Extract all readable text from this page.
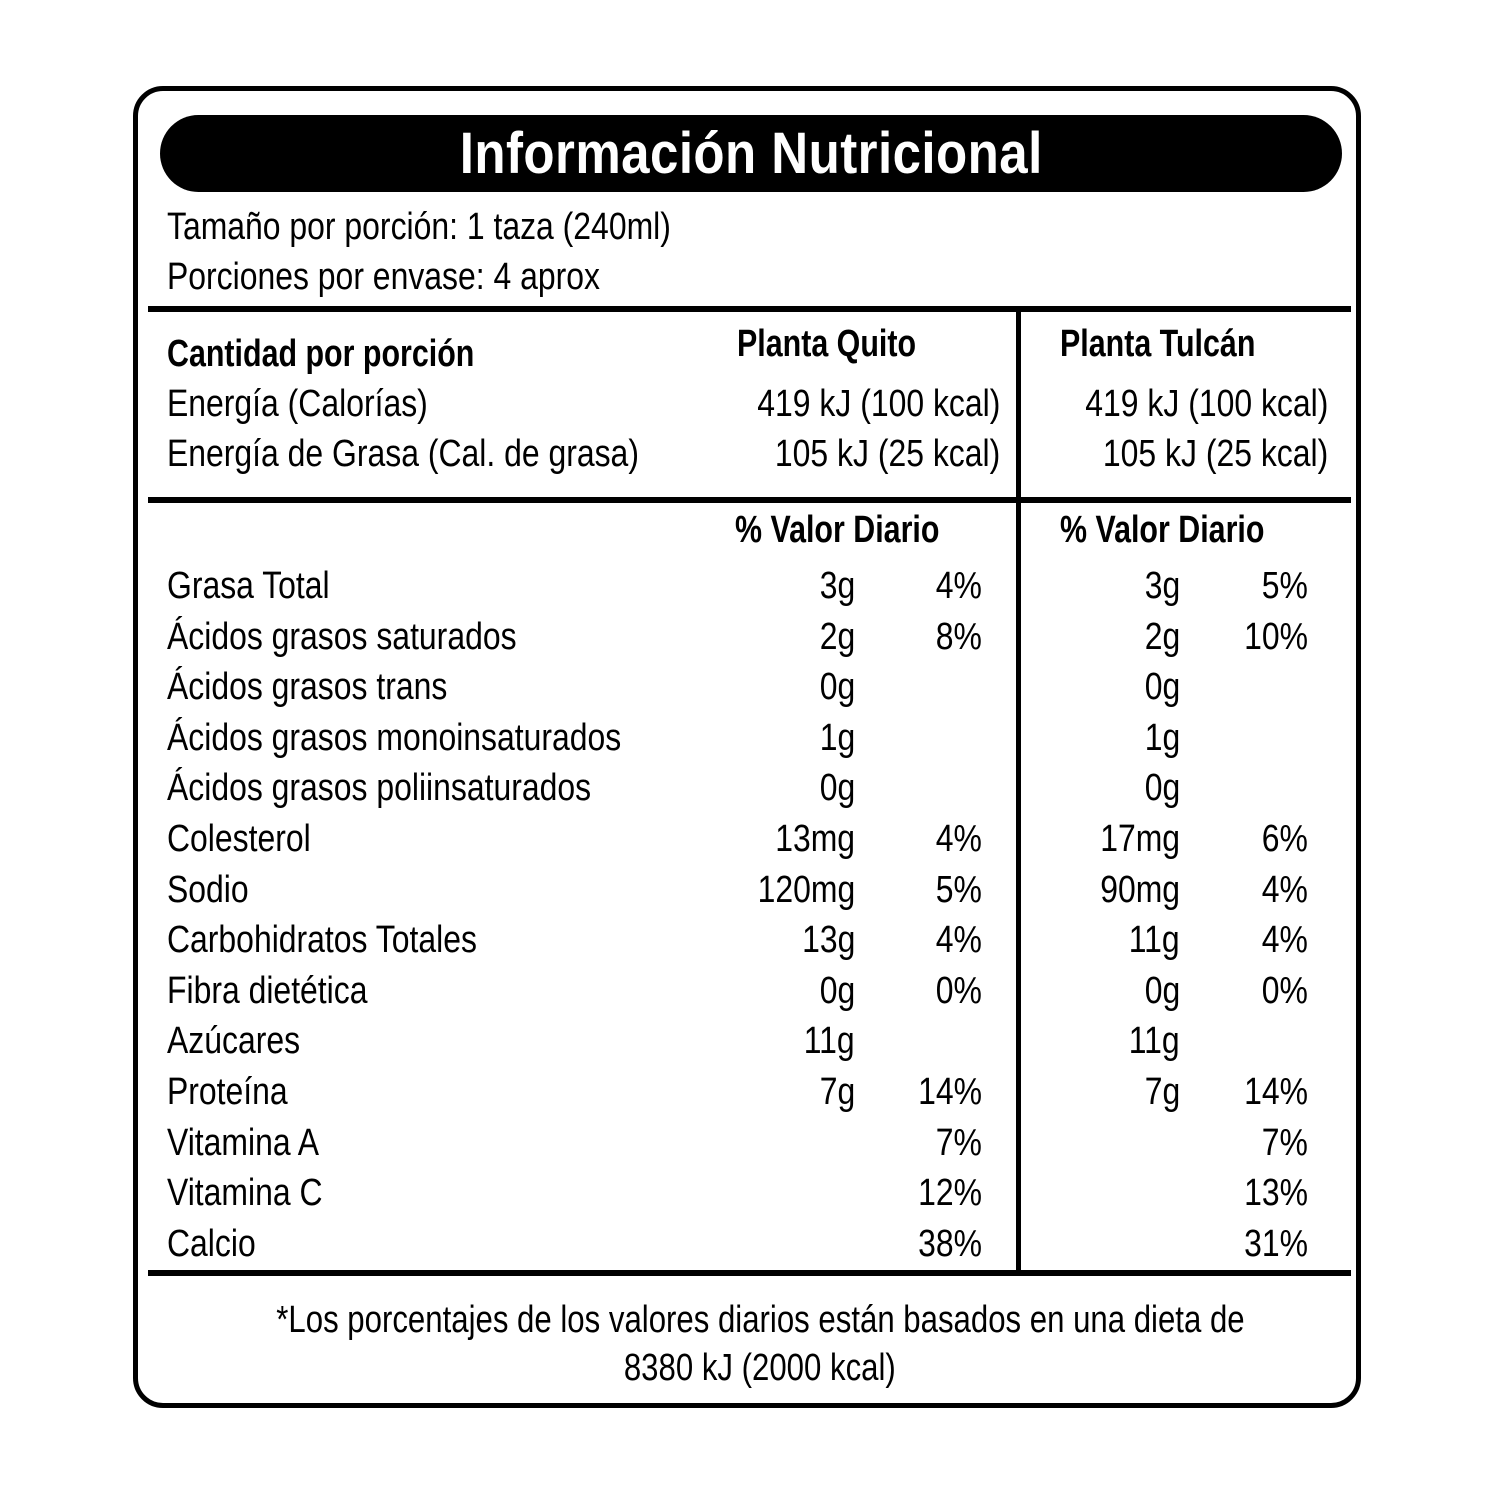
Información Nutricional
Tamaño por porción: 1 taza (240ml)
Porciones por envase: 4 aprox
Cantidad por porción	Planta Quito	Planta Tulcán
Energía (Calorías)	419 kJ (100 kcal) 419 kJ (100 kcal)
Energía de Grasa (Cal. de grasa)	105 kJ (25 kcal)	105 kJ (25 kcal)
% Valor Diario	% Valor Diario
Grasa Total	3g 4%	3g 5%
Ácidos grasos saturados	2g 8%	2g 10%
Ácidos grasos trans	0g	0g
Ácidos grasos monoinsaturados	1g	1g
Ácidos grasos poliinsaturados	0g	0g
Colesterol	13mg 4%	17mg 6%
Sodio	120mg 5%	90mg 4%
Carbohidratos Totales	13g 4%	11g 4%
Fibra dietética	0g 0%	0g 0%
Azúcares	11g	11g
Proteína	7g 14%	7g 14%
Vitamina A	7%	7%
Vitamina C	12%	13%
Calcio	38%	31%
*Los porcentajes de los valores diarios están basados en una dieta de
8380 kJ (2000 kcal)
